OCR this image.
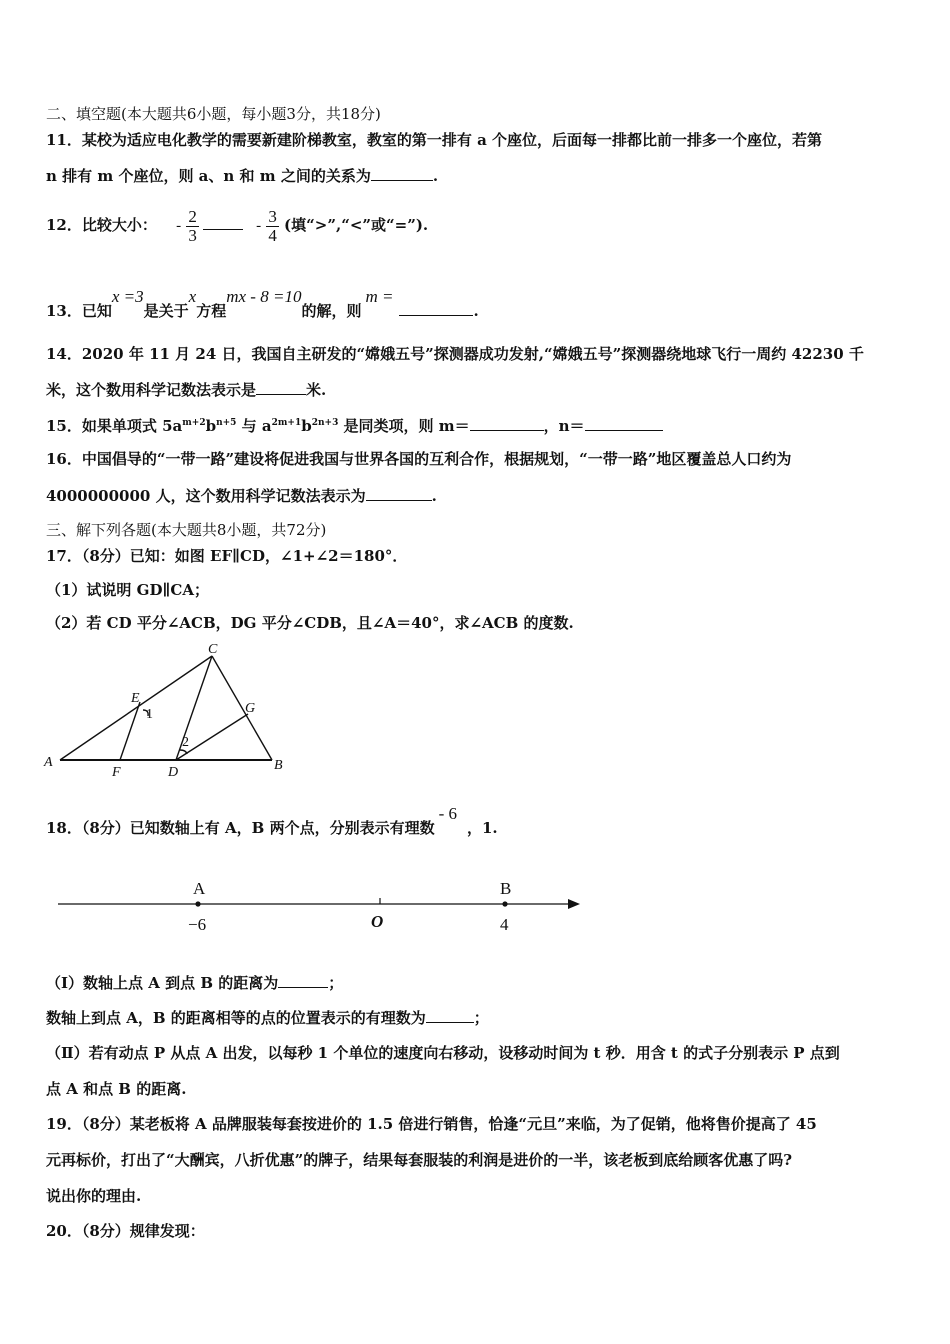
二、填空题(本大题共6小题，每小题3分，共18分)
11．某校为适应电化教学的需要新建阶梯教室，教室的第一排有 a 个座位，后面每一排都比前一排多一个座位，若第
n 排有 m 个座位，则 a、n 和 m 之间的关系为	.
12．比较大小： - $\frac{2}{3}$	- $\frac{3}{4}$ (填“>”,“<”或“=”).
13．已知x =3是关于x方程mx - 8 =10的解，则m =.
14．2020 年 11 月 24 日，我国自主研发的“嫦娥五号”探测器成功发射,“嫦娥五号”探测器绕地球飞行一周约 42230 千
米，这个数用科学记数法表示是	米.
15．如果单项式 $5a^{m+2}b^{n+5}$ 与 $a^{2m+1}b^{2n+3}$ 是同类项，则 m＝	，n＝
16．中国倡导的“一带一路”建设将促进我国与世界各国的互利合作，根据规划，“一带一路”地区覆盖总人口约为
4000000000 人，这个数用科学记数法表示为	.
三、解下列各题(本大题共8小题，共72分)
17．（8分）已知：如图 EF∥CD，∠1+∠2＝180°．
（1）试说明 GD∥CA；
（2）若 CD 平分∠ACB，DG 平分∠CDB，且∠A＝40°，求∠ACB 的度数.
C
E
G
A
F	D	B
1
2
18．（8分）已知数轴上有 A，B 两个点，分别表示有理数- 6，1.
A
−6	O
B
4
（Ⅰ）数轴上点 A 到点 B 的距离为	；
数轴上到点 A，B 的距离相等的点的位置表示的有理数为	；
（Ⅱ）若有动点 P 从点 A 出发，以每秒 1 个单位的速度向右移动，设移动时间为 t 秒．用含 t 的式子分别表示 P 点到
点 A 和点 B 的距离.
19．（8分）某老板将 A 品牌服装每套按进价的 1.5 倍进行销售，恰逢“元旦”来临，为了促销，他将售价提高了 45
元再标价，打出了“大酬宾，八折优惠”的牌子，结果每套服装的利润是进价的一半，该老板到底给顾客优惠了吗?
说出你的理由.
20．（8分）规律发现：
